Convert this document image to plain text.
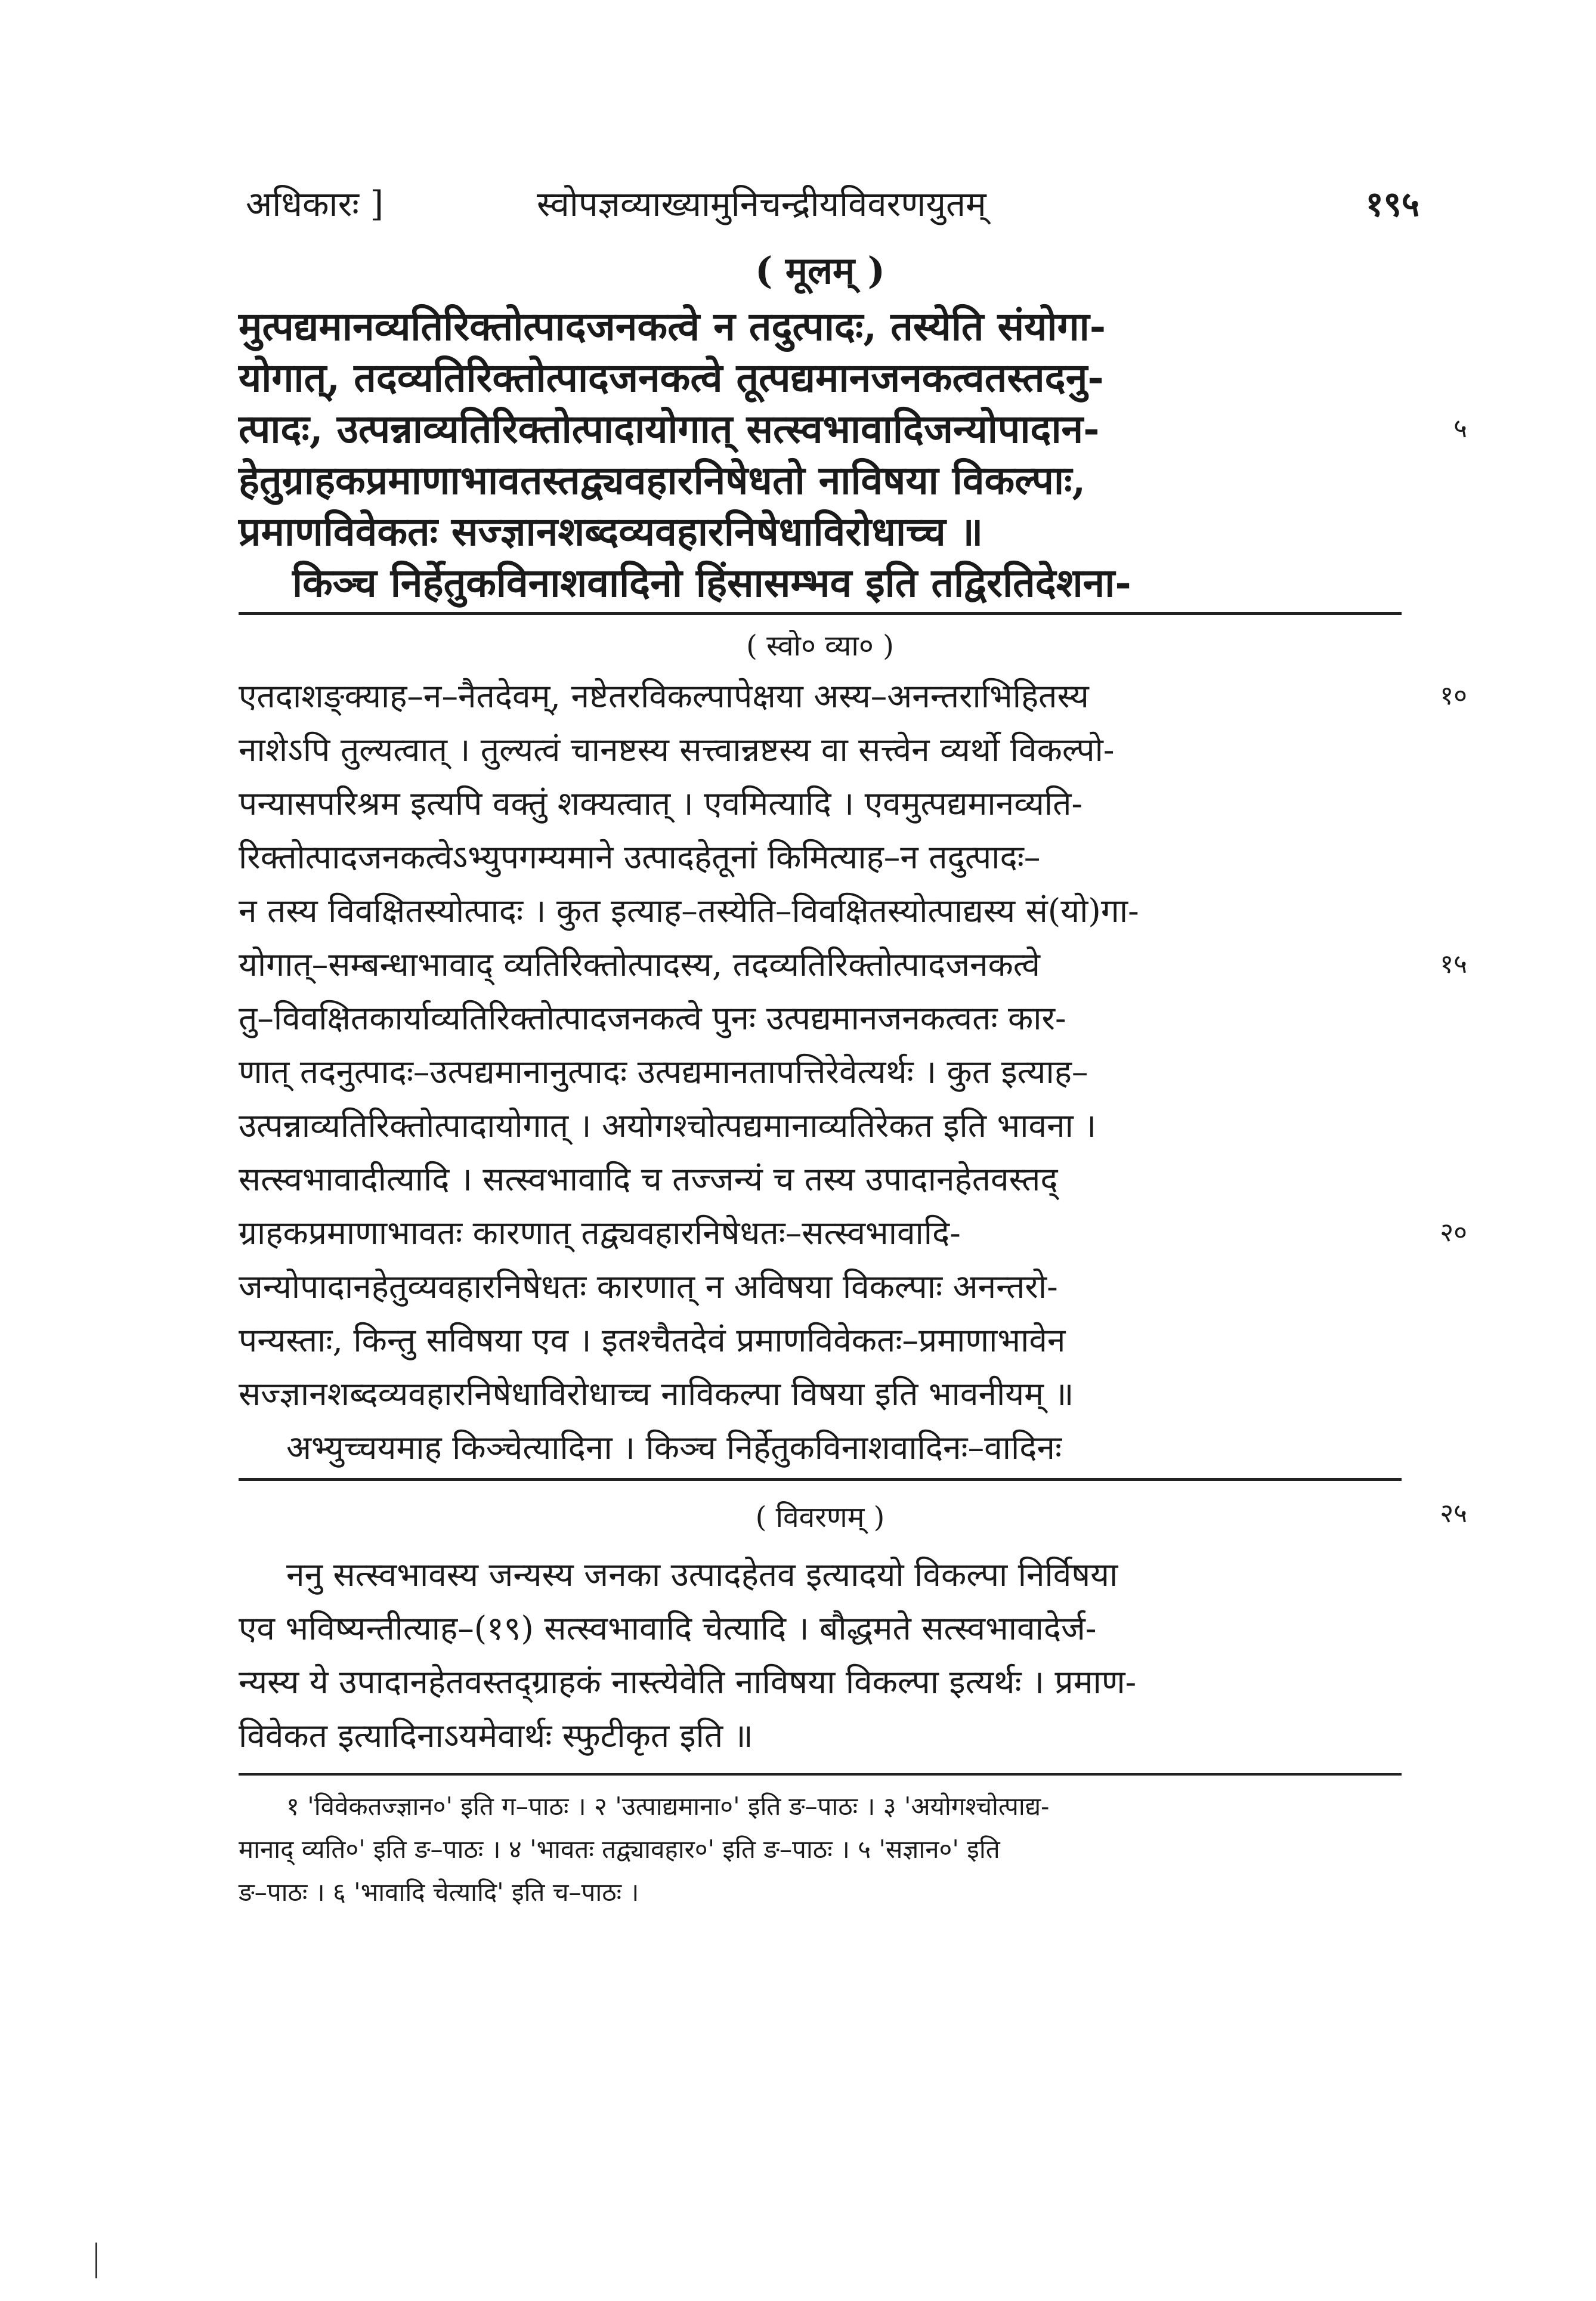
अधिकारः ]	स्वोपज्ञव्याख्यामुनिचन्द्रीयविवरणयुतम्	१९५
( मूलम् )
मुत्पद्यमानव्यतिरिक्तोत्पादजनकत्वे न तदुत्पादः, तस्येति संयोगा-
योगात्, तदव्यतिरिक्तोत्पादजनकत्वे तूत्पद्यमानजनकत्वतस्तदनु-
त्पादः, उत्पन्नाव्यतिरिक्तोत्पादायोगात् सत्स्वभावादिजन्योपादान-	५
हेतुग्राहकप्रमाणाभावतस्तद्व्यवहारनिषेधतो नाविषया विकल्पाः,
प्रमाणविवेकतः सज्ज्ञानशब्दव्यवहारनिषेधाविरोधाच्च ॥
किञ्च निर्हेतुकविनाशवादिनो हिंसासम्भव इति तद्विरतिदेशना-
( स्वो० व्या० )
एतदाशङ्क्याह–न–नैतदेवम्, नष्टेतरविकल्पापेक्षया अस्य–अनन्तराभिहितस्य	१०
नाशेऽपि तुल्यत्वात् । तुल्यत्वं चानष्टस्य सत्त्वान्नष्टस्य वा सत्त्वेन व्यर्थो विकल्पो-
पन्यासपरिश्रम इत्यपि वक्तुं शक्यत्वात् । एवमित्यादि । एवमुत्पद्यमानव्यति-
रिक्तोत्पादजनकत्वेऽभ्युपगम्यमाने उत्पादहेतूनां किमित्याह–न तदुत्पादः–
न तस्य विवक्षितस्योत्पादः । कुत इत्याह–तस्येति–विवक्षितस्योत्पाद्यस्य सं(यो)गा-
योगात्–सम्बन्धाभावाद् व्यतिरिक्तोत्पादस्य, तदव्यतिरिक्तोत्पादजनकत्वे	१५
तु–विवक्षितकार्याव्यतिरिक्तोत्पादजनकत्वे पुनः उत्पद्यमानजनकत्वतः कार-
णात् तदनुत्पादः–उत्पद्यमानानुत्पादः उत्पद्यमानतापत्तिरेवेत्यर्थः । कुत इत्याह–
उत्पन्नाव्यतिरिक्तोत्पादायोगात् । अयोगश्चोत्पद्यमानाव्यतिरेकत इति भावना ।
सत्स्वभावादीत्यादि । सत्स्वभावादि च तज्जन्यं च तस्य उपादानहेतवस्तद्
ग्राहकप्रमाणाभावतः कारणात् तद्व्यवहारनिषेधतः–सत्स्वभावादि-	२०
जन्योपादानहेतुव्यवहारनिषेधतः कारणात् न अविषया विकल्पाः अनन्तरो-
पन्यस्ताः, किन्तु सविषया एव । इतश्चैतदेवं प्रमाणविवेकतः–प्रमाणाभावेन
सज्ज्ञानशब्दव्यवहारनिषेधाविरोधाच्च नाविकल्पा विषया इति भावनीयम् ॥
अभ्युच्चयमाह किञ्चेत्यादिना । किञ्च निर्हेतुकविनाशवादिनः–वादिनः
( विवरणम् )	२५
ननु सत्स्वभावस्य जन्यस्य जनका उत्पादहेतव इत्यादयो विकल्पा निर्विषया
एव भविष्यन्तीत्याह–(१९) सत्स्वभावादि चेत्यादि । बौद्धमते सत्स्वभावादेर्ज-
न्यस्य ये उपादानहेतवस्तद्ग्राहकं नास्त्येवेति नाविषया विकल्पा इत्यर्थः । प्रमाण-
विवेकत इत्यादिनाऽयमेवार्थः स्फुटीकृत इति ॥
१ 'विवेकतज्ज्ञान०' इति ग–पाठः । २ 'उत्पाद्यमाना०' इति ङ–पाठः । ३ 'अयोगश्चोत्पाद्य-
मानाद् व्यति०' इति ङ–पाठः । ४ 'भावतः तद्व्यावहार०' इति ङ–पाठः । ५ 'सज्ञान०' इति
ङ–पाठः । ६ 'भावादि चेत्यादि' इति च–पाठः ।
